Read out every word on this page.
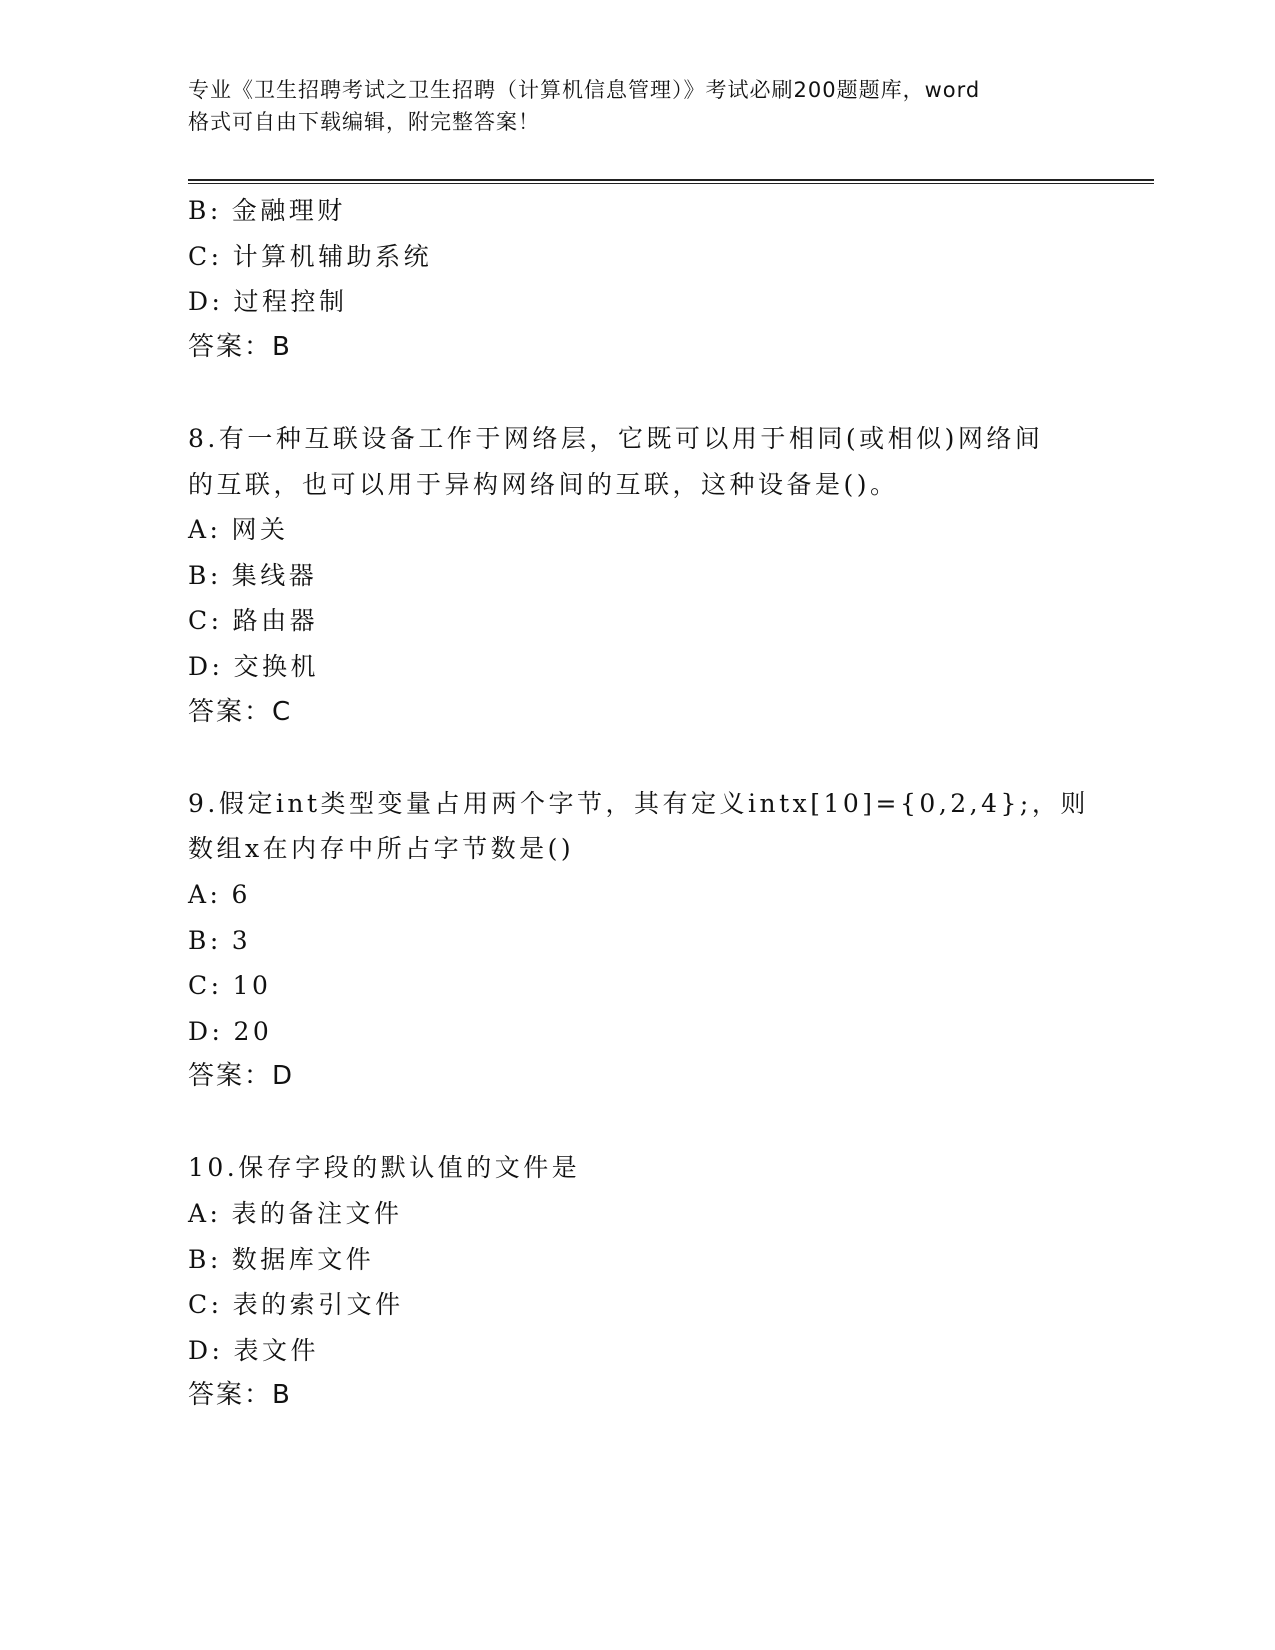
专业《卫生招聘考试之卫生招聘（计算机信息管理）》考试必刷200题题库，word
格式可自由下载编辑，附完整答案！
B: 金融理财
C: 计算机辅助系统
D: 过程控制
答案：B
8.有一种互联设备工作于网络层，它既可以用于相同(或相似)网络间
的互联，也可以用于异构网络间的互联，这种设备是()。
A: 网关
B: 集线器
C: 路由器
D: 交换机
答案：C
9.假定int类型变量占用两个字节，其有定义intx[10]={0,2,4};，则
数组x在内存中所占字节数是()
A: 6
B: 3
C: 10
D: 20
答案：D
10.保存字段的默认值的文件是
A: 表的备注文件
B: 数据库文件
C: 表的索引文件
D: 表文件
答案：B
